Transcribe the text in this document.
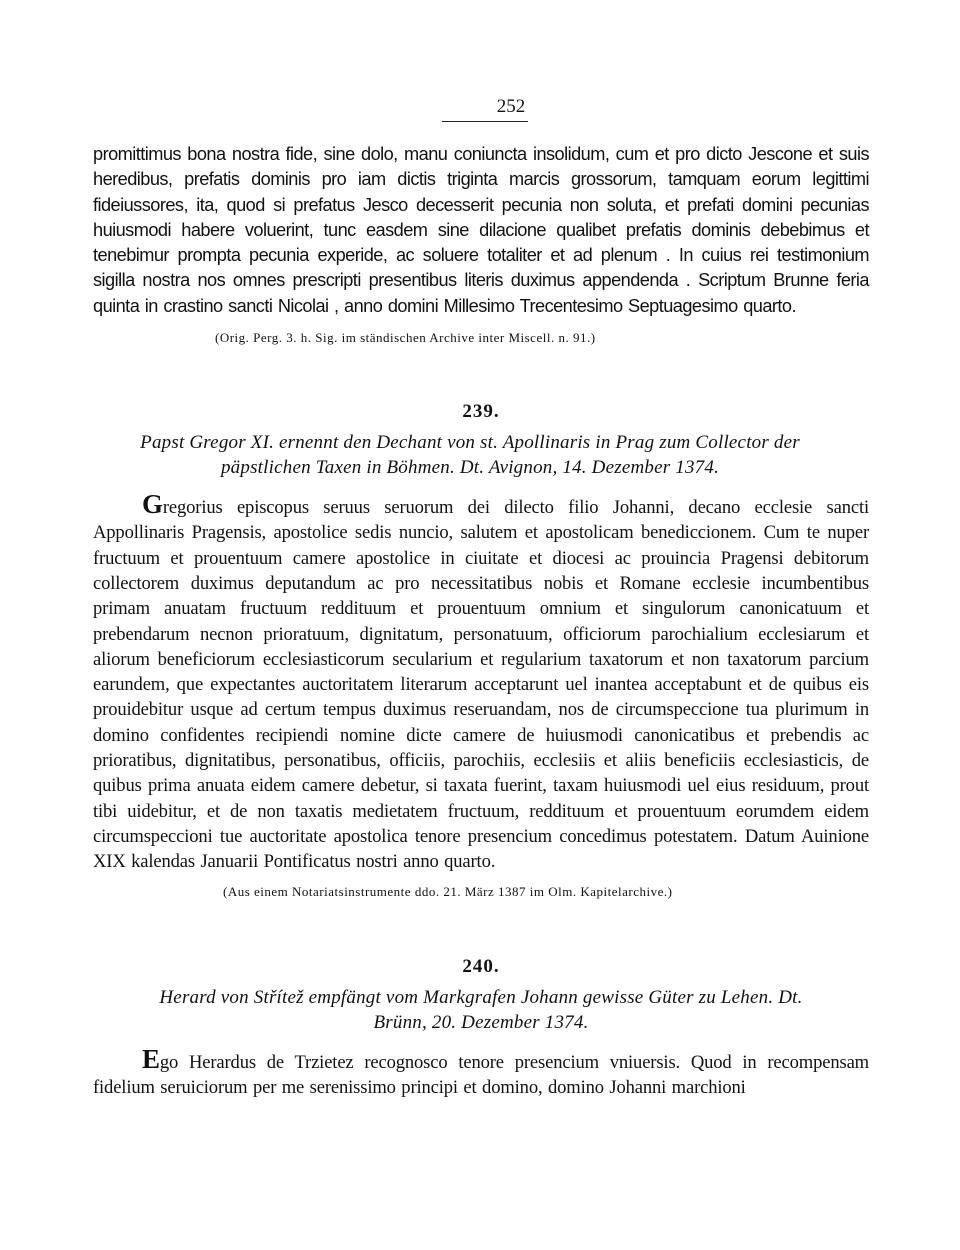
252

promittimus bona nostra fide, sine dolo, manu coniuncta insolidum, cum et pro dicto Jescone et suis heredibus, prefatis dominis pro iam dictis triginta marcis grossorum, tamquam eorum legittimi fideiussores, ita, quod si prefatus Jesco decesserit pecunia non soluta, et prefati domini pecunias huiusmodi habere voluerint, tunc easdem sine dilacione qualibet prefatis dominis debebimus et tenebimur prompta pecunia experide, ac soluere totaliter et ad plenum . In cuius rei testimonium sigilla nostra nos omnes prescripti presentibus literis duximus appendenda . Scriptum Brunne feria quinta in crastino sancti Nicolai , anno domini Millesimo Trecentesimo Septuagesimo quarto.

(Orig. Perg. 3. h. Sig. im ständischen Archive inter Miscell. n. 91.)
239.
Papst Gregor XI. ernennt den Dechant von st. Apollinaris in Prag zum Collector der päpstlichen Taxen in Böhmen. Dt. Avignon, 14. Dezember 1374.

Gregorius episcopus seruus seruorum dei dilecto filio Johanni, decano ecclesie sancti Appollinaris Pragensis, apostolice sedis nuncio, salutem et apostolicam benediccionem. Cum te nuper fructuum et prouentuum camere apostolice in ciuitate et diocesi ac prouincia Pragensi debitorum collectorem duximus deputandum ac pro necessitatibus nobis et Romane ecclesie incumbentibus primam anuatam fructuum reddituum et prouentuum omnium et singulorum canonicatuum et prebendarum necnon prioratuum, dignitatum, personatuum, officiorum parochialium ecclesiarum et aliorum beneficiorum ecclesiasticorum secularium et regularium taxatorum et non taxatorum parcium earundem, que expectantes auctoritatem literarum acceptarunt uel inantea acceptabunt et de quibus eis prouidebitur usque ad certum tempus duximus reseruandam, nos de circumspeccione tua plurimum in domino confidentes recipiendi nomine dicte camere de huiusmodi canonicatibus et prebendis ac prioratibus, dignitatibus, personatibus, officiis, parochiis, ecclesiis et aliis beneficiis ecclesiasticis, de quibus prima anuata eidem camere debetur, si taxata fuerint, taxam huiusmodi uel eius residuum, prout tibi uidebitur, et de non taxatis medietatem fructuum, reddituum et prouentuum eorumdem eidem circumspeccioni tue auctoritate apostolica tenore presencium concedimus potestatem. Datum Auinione XIX kalendas Januarii Pontificatus nostri anno quarto.

(Aus einem Notariatsinstrumente ddo. 21. März 1387 im Olm. Kapitelarchive.)
240.
Herard von Střítež empfängt vom Markgrafen Johann gewisse Güter zu Lehen. Dt. Brünn, 20. Dezember 1374.

Ego Herardus de Trzietez recognosco tenore presencium vniuersis. Quod in recompensam fidelium seruiciorum per me serenissimo principi et domino, domino Johanni marchioni
